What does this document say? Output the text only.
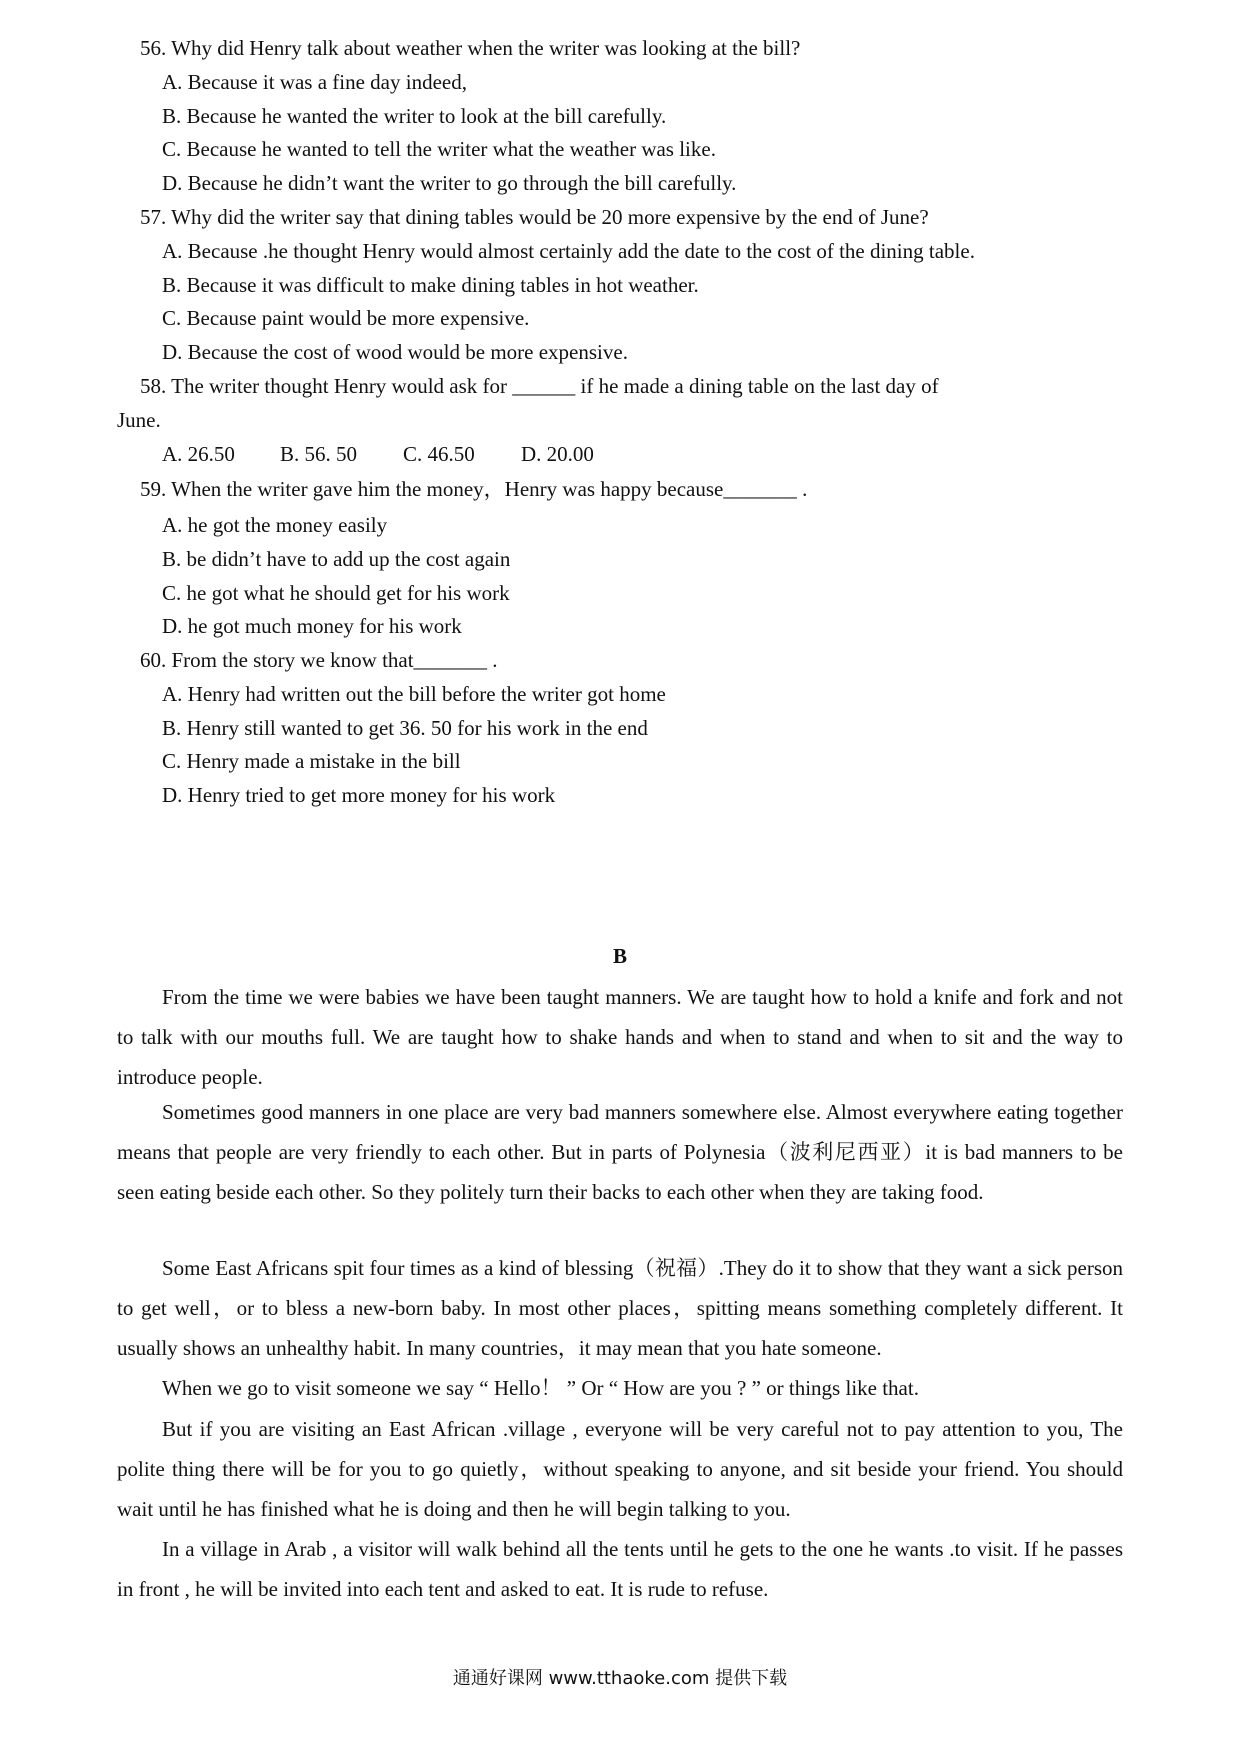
56. Why did Henry talk about weather when the writer was looking at the bill?
A. Because it was a fine day indeed,
B. Because he wanted the writer to look at the bill carefully.
C. Because he wanted to tell the writer what the weather was like.
D. Because he didn’t want the writer to go through the bill carefully.
57. Why did the writer say that dining tables would be 20 more expensive by the end of June?
A. Because .he thought Henry would almost certainly add the date to the cost of the dining table.
B. Because it was difficult to make dining tables in hot weather.
C. Because paint would be more expensive.
D. Because the cost of wood would be more expensive.
58. The writer thought Henry would ask for ______ if he made a dining table on the last day of
June.
A. 26.50 B. 56. 50 C. 46.50 D. 20.00
59. When the writer gave him the money，Henry was happy because_______ .
A. he got the money easily
B. be didn’t have to add up the cost again
C. he got what he should get for his work
D. he got much money for his work
60. From the story we know that_______ .
A. Henry had written out the bill before the writer got home
B. Henry still wanted to get 36. 50 for his work in the end
C. Henry made a mistake in the bill
D. Henry tried to get more money for his work
B
From the time we were babies we have been taught manners. We are taught how to hold a knife and fork and not to talk with our mouths full. We are taught how to shake hands and when to stand and when to sit and the way to introduce people.
Sometimes good manners in one place are very bad manners somewhere else. Almost everywhere eating together means that people are very friendly to each other. But in parts of Polynesia（波利尼西亚）it is bad manners to be seen eating beside each other. So they politely turn their backs to each other when they are taking food.
Some East Africans spit four times as a kind of blessing（祝福）.They do it to show that they want a sick person to get well，or to bless a new-born baby. In most other places，spitting means something completely different. It usually shows an unhealthy habit. In many countries，it may mean that you hate someone.
When we go to visit someone we say “ Hello！ ” Or “ How are you ? ” or things like that.
But if you are visiting an East African .village , everyone will be very careful not to pay attention to you, The polite thing there will be for you to go quietly，without speaking to anyone, and sit beside your friend. You should wait until he has finished what he is doing and then he will begin talking to you.
In a village in Arab , a visitor will walk behind all the tents until he gets to the one he wants .to visit. If he passes in front , he will be invited into each tent and asked to eat. It is rude to refuse.
通通好课网 www.tthaoke.com 提供下载
